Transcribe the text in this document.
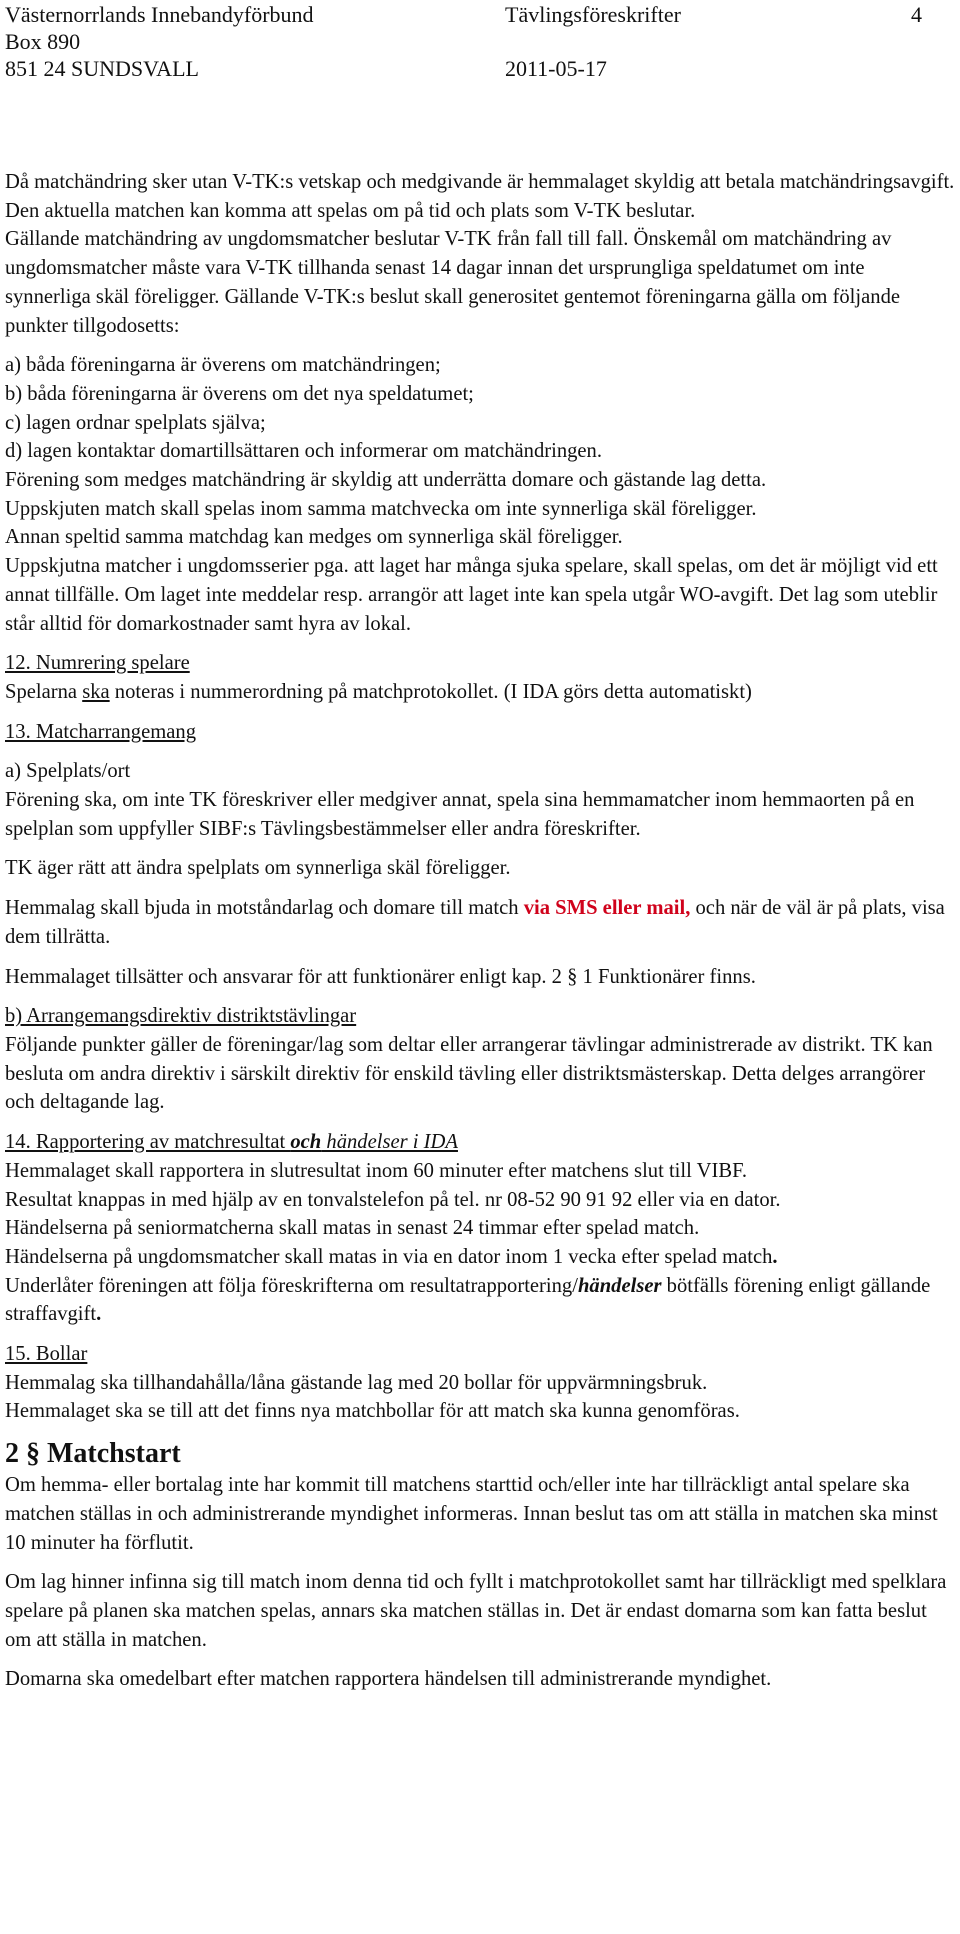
Västernorrlands Innebandyförbund	Tävlingsföreskrifter	4
Box 890
851 24 SUNDSVALL	2011-05-17

Då matchändring sker utan V-TK:s vetskap och medgivande är hemmalaget skyldig att betala matchändringsavgift. Den aktuella matchen kan komma att spelas om på tid och plats som V-TK beslutar.

Gällande matchändring av ungdomsmatcher beslutar V-TK från fall till fall. Önskemål om matchändring av ungdomsmatcher måste vara V-TK tillhanda senast 14 dagar innan det ursprungliga speldatumet om inte synnerliga skäl föreligger. Gällande V-TK:s beslut skall generositet gentemot föreningarna gälla om följande punkter tillgodosetts:

a) båda föreningarna är överens om matchändringen;

b) båda föreningarna är överens om det nya speldatumet;

c) lagen ordnar spelplats själva;

d) lagen kontaktar domartillsättaren och informerar om matchändringen.

Förening som medges matchändring är skyldig att underrätta domare och gästande lag detta.

Uppskjuten match skall spelas inom samma matchvecka om inte synnerliga skäl föreligger.

Annan speltid samma matchdag kan medges om synnerliga skäl föreligger.

Uppskjutna matcher i ungdomsserier pga. att laget har många sjuka spelare, skall spelas, om det är möjligt vid ett annat tillfälle. Om laget inte meddelar resp. arrangör att laget inte kan spela utgår WO-avgift. Det lag som uteblir står alltid för domarkostnader samt hyra av lokal.

12. Numrering spelare

Spelarna ska noteras i nummerordning på matchprotokollet. (I IDA görs detta automatiskt)

13. Matcharrangemang

a) Spelplats/ort

Förening ska, om inte TK föreskriver eller medgiver annat, spela sina hemmamatcher inom hemmaorten på en spelplan som uppfyller SIBF:s Tävlingsbestämmelser eller andra föreskrifter.

TK äger rätt att ändra spelplats om synnerliga skäl föreligger.

Hemmalag skall bjuda in motståndarlag och domare till match via SMS eller mail, och när de väl är på plats, visa dem tillrätta.

Hemmalaget tillsätter och ansvarar för att funktionärer enligt kap. 2 § 1 Funktionärer finns.

b) Arrangemangsdirektiv distriktstävlingar

Följande punkter gäller de föreningar/lag som deltar eller arrangerar tävlingar administrerade av distrikt. TK kan besluta om andra direktiv i särskilt direktiv för enskild tävling eller distriktsmästerskap. Detta delges arrangörer och deltagande lag.

14. Rapportering av matchresultat och händelser i IDA

Hemmalaget skall rapportera in slutresultat inom 60 minuter efter matchens slut till VIBF.

Resultat knappas in med hjälp av en tonvalstelefon på tel. nr 08-52 90 91 92 eller via en dator.

Händelserna på seniormatcherna skall matas in senast 24 timmar efter spelad match.

Händelserna på ungdomsmatcher skall matas in via en dator inom 1 vecka efter spelad match.

Underlåter föreningen att följa föreskrifterna om resultatrapportering/händelser bötfälls förening enligt gällande straffavgift.

15. Bollar

Hemmalag ska tillhandahålla/låna gästande lag med 20 bollar för uppvärmningsbruk.

Hemmalaget ska se till att det finns nya matchbollar för att match ska kunna genomföras.

2 § Matchstart

Om hemma- eller bortalag inte har kommit till matchens starttid och/eller inte har tillräckligt antal spelare ska matchen ställas in och administrerande myndighet informeras. Innan beslut tas om att ställa in matchen ska minst 10 minuter ha förflutit.

Om lag hinner infinna sig till match inom denna tid och fyllt i matchprotokollet samt har tillräckligt med spelklara spelare på planen ska matchen spelas, annars ska matchen ställas in. Det är endast domarna som kan fatta beslut om att ställa in matchen.

Domarna ska omedelbart efter matchen rapportera händelsen till administrerande myndighet.
